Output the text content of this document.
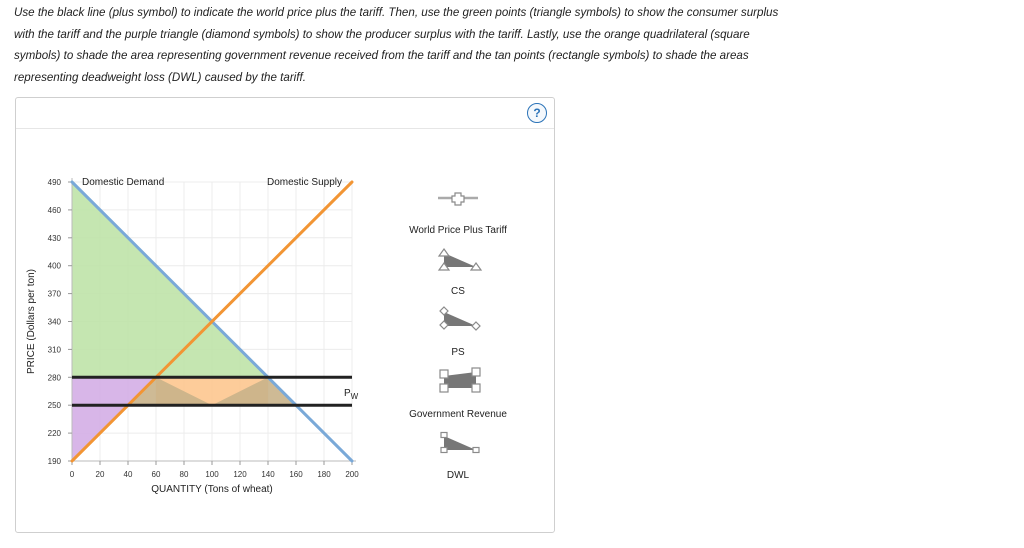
Use the black line (plus symbol) to indicate the world price plus the tariff. Then, use the green points (triangle symbols) to show the consumer surplus

with the tariff and the purple triangle (diamond symbols) to show the producer surplus with the tariff. Lastly, use the orange quadrilateral (square

symbols) to shade the area representing government revenue received from the tariff and the tan points (rectangle symbols) to shade the areas

representing deadweight loss (DWL) caused by the tariff.

?
190
220
250
280
310
340
370
400
430
460
490
0	20 40 60 80 100 120 140 160 180 200
QUANTITY (Tons of wheat)
PRICE (Dollars per ton)
$P_W$
Domestic Demand	Domestic Supply
World Price Plus Tariff
CS
PS
Government Revenue
DWL
